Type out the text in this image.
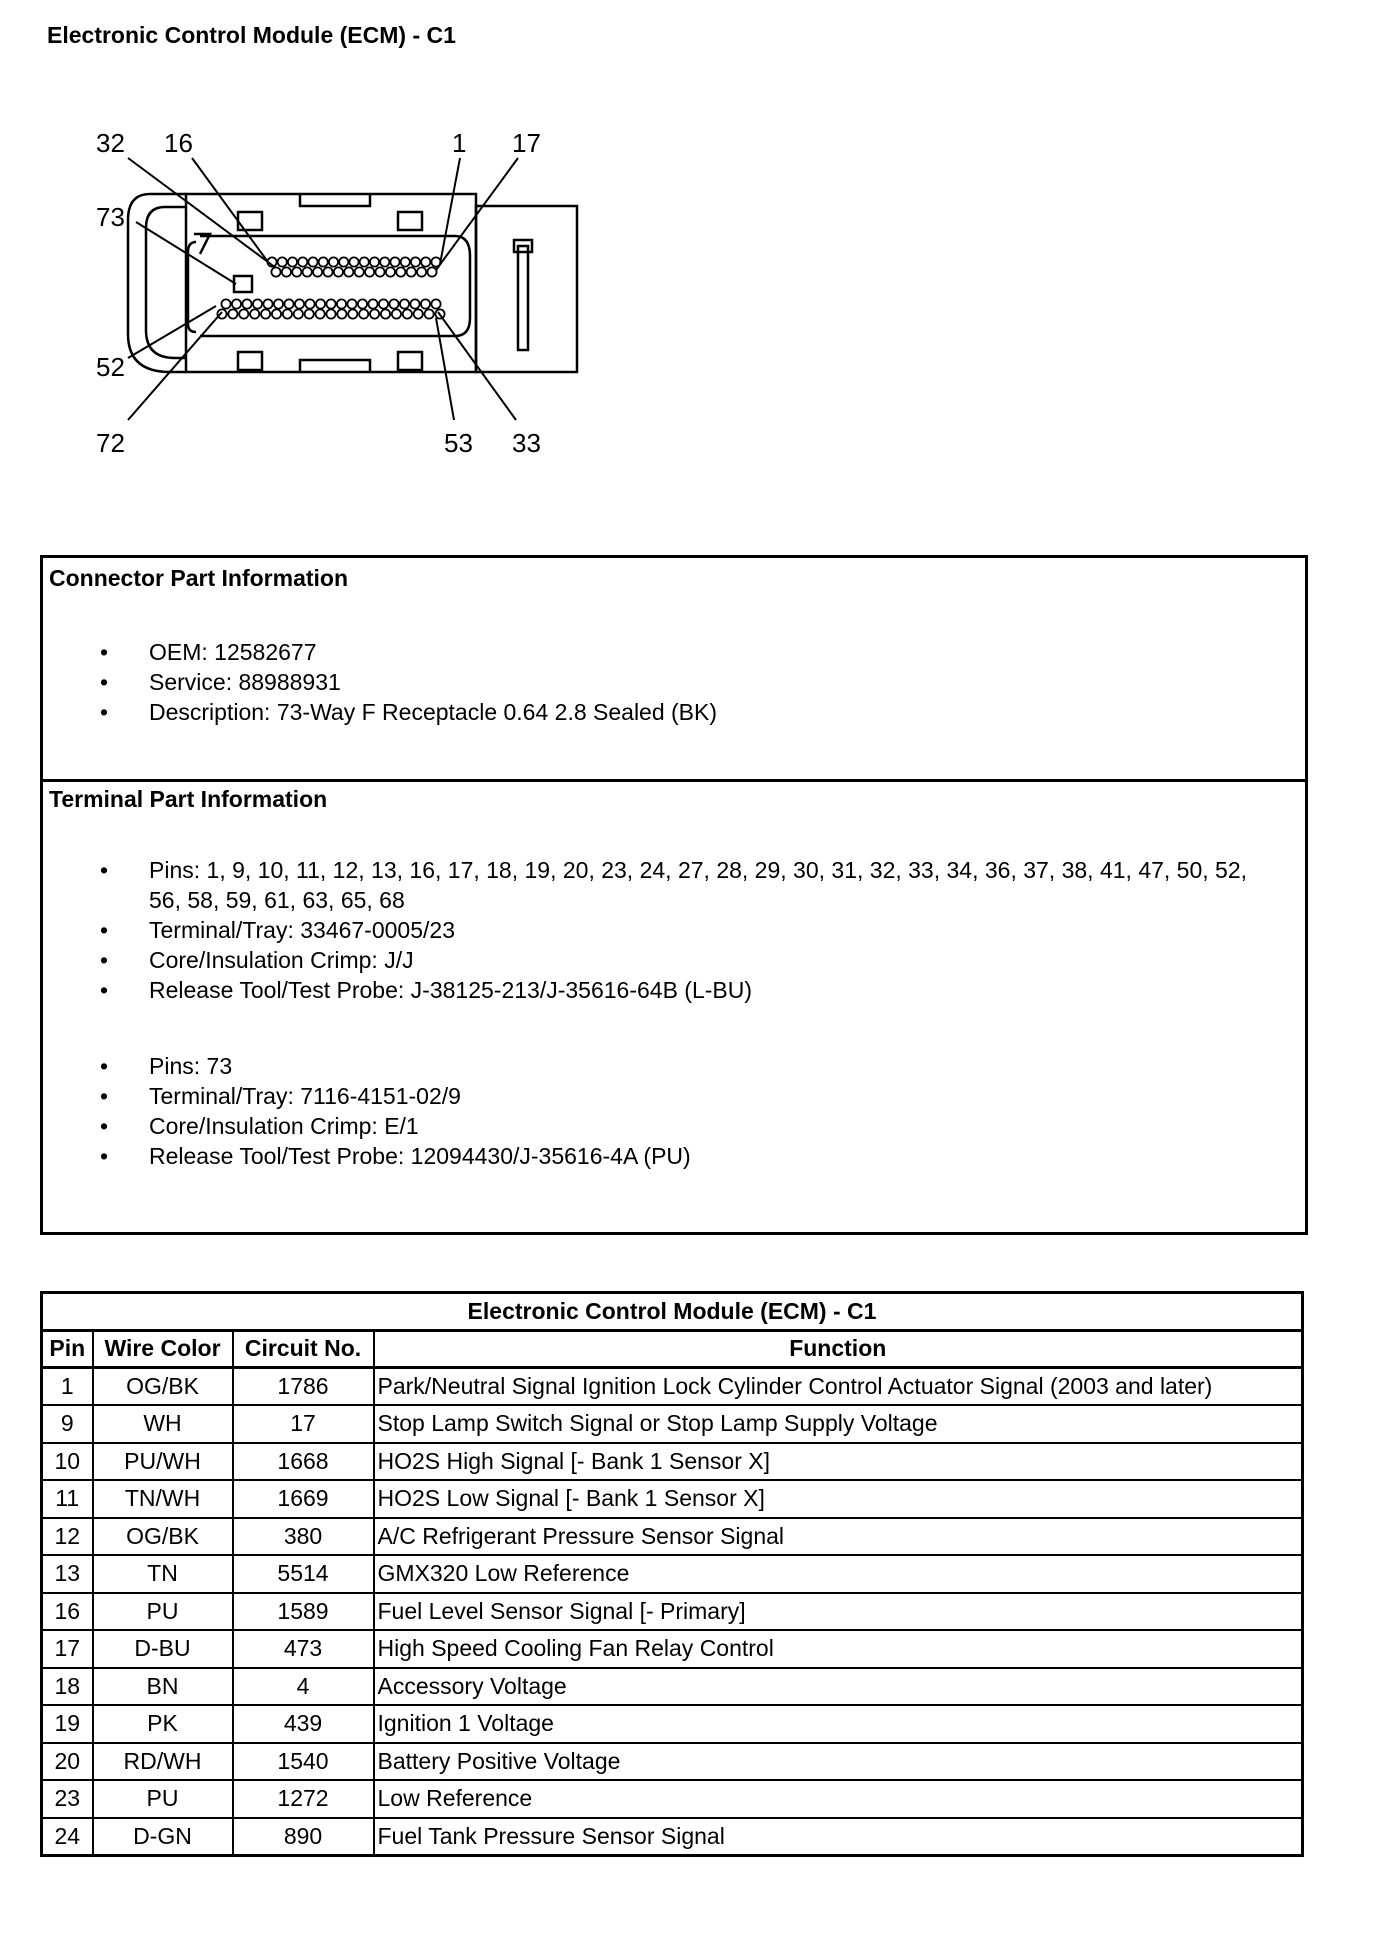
Electronic Control Module (ECM) - C1
32 16	1 17
73
52
72	53 33
Connector Part Information
• OEM: 12582677
• Service: 88988931
• Description: 73-Way F Receptacle 0.64 2.8 Sealed (BK)
Terminal Part Information
• Pins: 1, 9, 10, 11, 12, 13, 16, 17, 18, 19, 20, 23, 24, 27, 28, 29, 30, 31, 32, 33, 34, 36, 37, 38, 41, 47, 50, 52, 56, 58, 59, 61, 63, 65, 68
• Terminal/Tray: 33467-0005/23
• Core/Insulation Crimp: J/J
• Release Tool/Test Probe: J-38125-213/J-35616-64B (L-BU)
• Pins: 73
• Terminal/Tray: 7116-4151-02/9
• Core/Insulation Crimp: E/1
• Release Tool/Test Probe: 12094430/J-35616-4A (PU)
Electronic Control Module (ECM) - C1			
Pin	Wire Color	Circuit No.	Function
1	OG/BK	1786	Park/Neutral Signal Ignition Lock Cylinder Control Actuator Signal (2003 and later)
9	WH	17	Stop Lamp Switch Signal or Stop Lamp Supply Voltage
10	PU/WH	1668	HO2S High Signal [- Bank 1 Sensor X]
11	TN/WH	1669	HO2S Low Signal [- Bank 1 Sensor X]
12	OG/BK	380	A/C Refrigerant Pressure Sensor Signal
13	TN	5514	GMX320 Low Reference
16	PU	1589	Fuel Level Sensor Signal [- Primary]
17	D-BU	473	High Speed Cooling Fan Relay Control
18	BN	4	Accessory Voltage
19	PK	439	Ignition 1 Voltage
20	RD/WH	1540	Battery Positive Voltage
23	PU	1272	Low Reference
24	D-GN	890	Fuel Tank Pressure Sensor Signal
